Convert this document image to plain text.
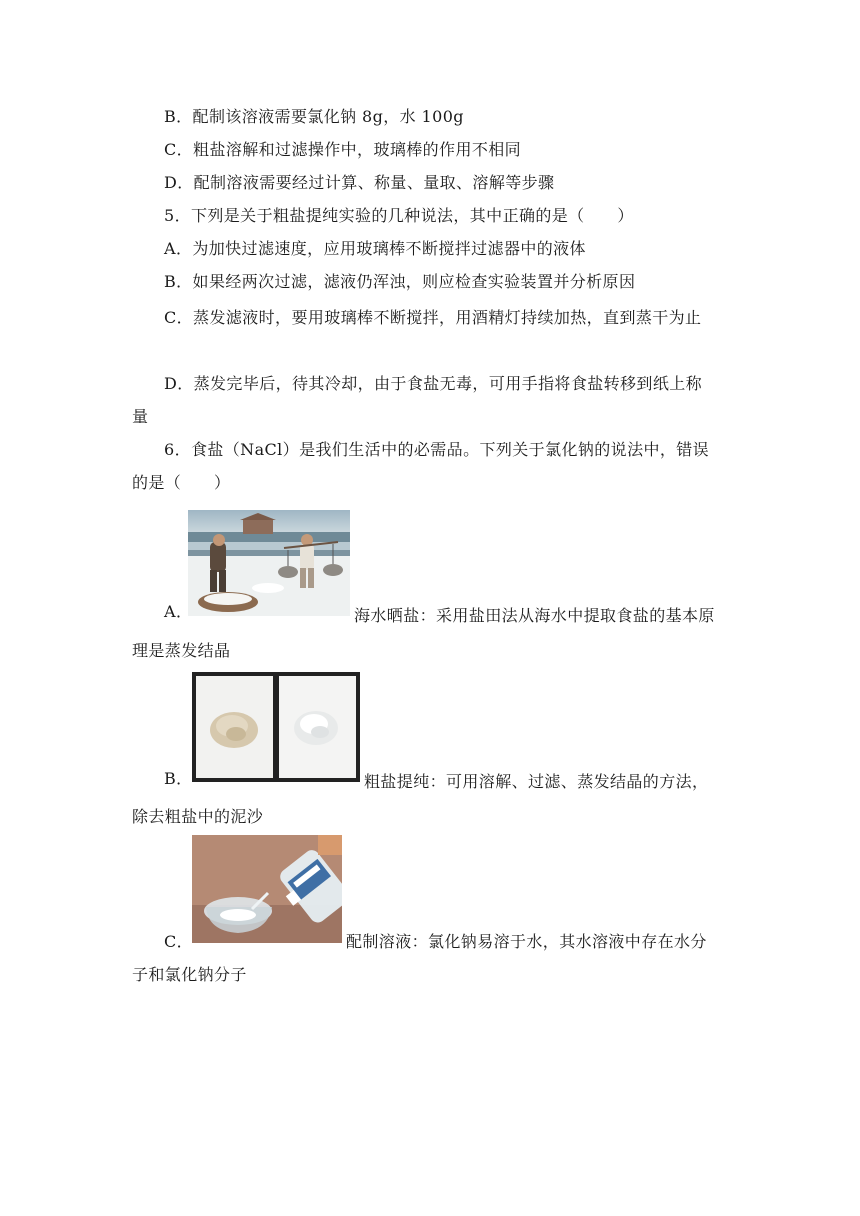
B．配制该溶液需要氯化钠 8g，水 100g
C．粗盐溶解和过滤操作中，玻璃棒的作用不相同
D．配制溶液需要经过计算、称量、量取、溶解等步骤
5．下列是关于粗盐提纯实验的几种说法，其中正确的是（　　）
A．为加快过滤速度，应用玻璃棒不断搅拌过滤器中的液体
B．如果经两次过滤，滤液仍浑浊，则应检查实验装置并分析原因
C．蒸发滤液时，要用玻璃棒不断搅拌，用酒精灯持续加热，直到蒸干为止
D．蒸发完毕后，待其冷却，由于食盐无毒，可用手指将食盐转移到纸上称
量
6．食盐（NaCl）是我们生活中的必需品。下列关于氯化钠的说法中，错误
的是（　　）
A．	海水晒盐：采用盐田法从海水中提取食盐的基本原
理是蒸发结晶
B．	粗盐提纯：可用溶解、过滤、蒸发结晶的方法，
除去粗盐中的泥沙
C．	配制溶液：氯化钠易溶于水，其水溶液中存在水分
子和氯化钠分子
